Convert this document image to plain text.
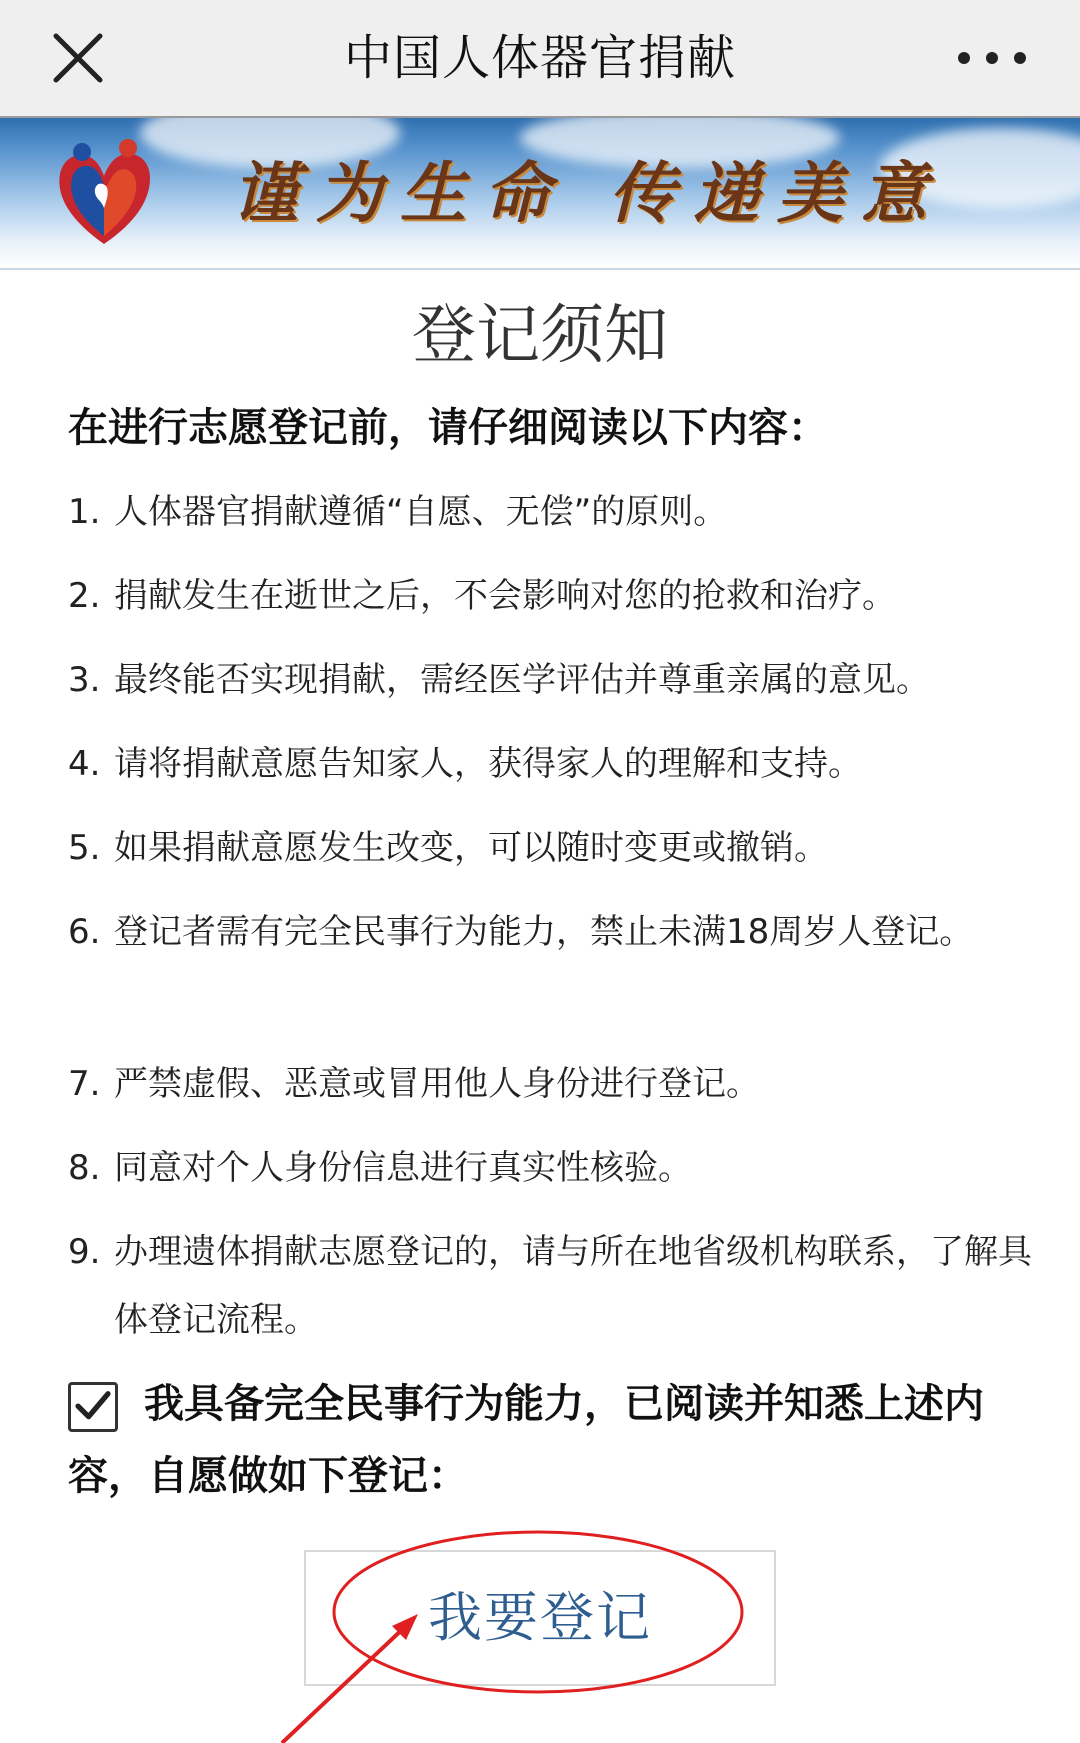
中国人体器官捐献
谨为生命 传递美意
登记须知
在进行志愿登记前，请仔细阅读以下内容：
1. 人体器官捐献遵循“自愿、无偿”的原则。
2. 捐献发生在逝世之后，不会影响对您的抢救和治疗。
3. 最终能否实现捐献，需经医学评估并尊重亲属的意见。
4. 请将捐献意愿告知家人，获得家人的理解和支持。
5. 如果捐献意愿发生改变，可以随时变更或撤销。
6. 登记者需有完全民事行为能力，禁止未满18周岁人登记。
7. 严禁虚假、恶意或冒用他人身份进行登记。
8. 同意对个人身份信息进行真实性核验。
9. 办理遗体捐献志愿登记的，请与所在地省级机构联系，了解具体登记流程。
我具备完全民事行为能力，已阅读并知悉上述内容，自愿做如下登记：
我要登记
